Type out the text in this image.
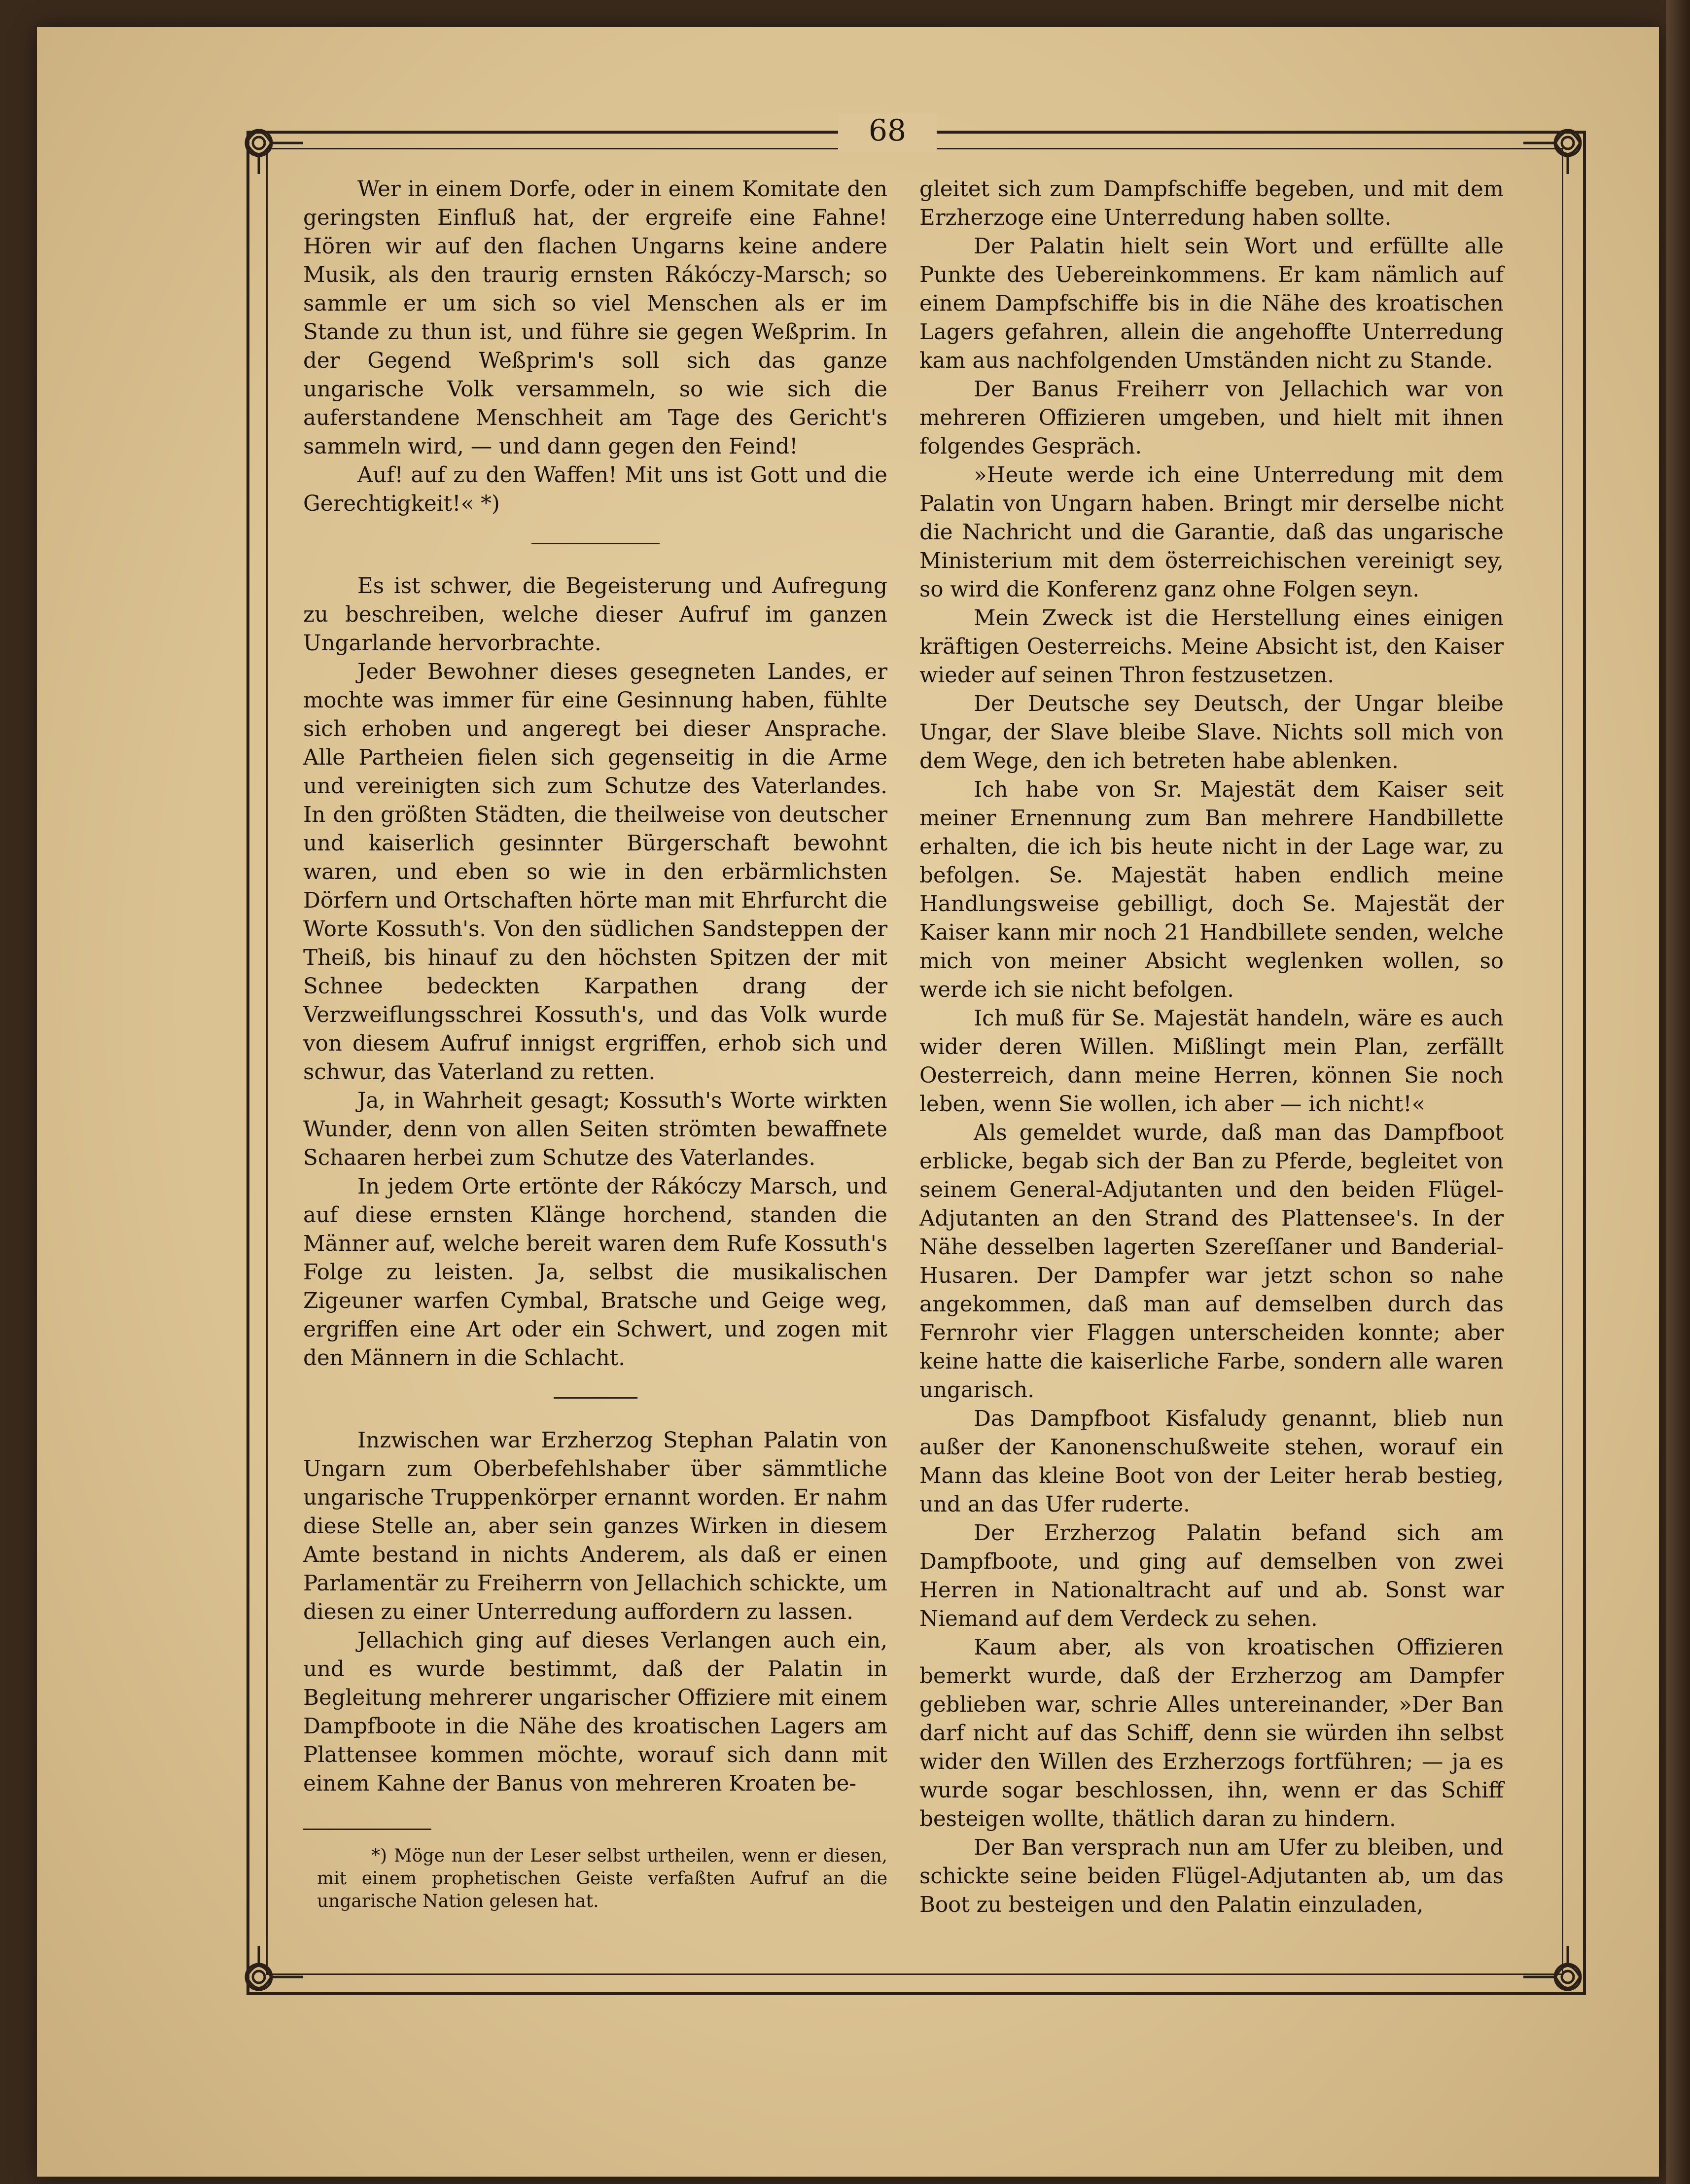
68

Wer in einem Dorfe, oder in einem Komitate den geringsten Einfluß hat, der ergreife eine Fahne! Hören wir auf den flachen Ungarns keine andere Musik, als den traurig ernsten Rákóczy-Marsch; so sammle er um sich so viel Menschen als er im Stande zu thun ist, und führe sie gegen Weßprim. In der Gegend Weßprim's soll sich das ganze ungarische Volk versammeln, so wie sich die auferstandene Menschheit am Tage des Gericht's sammeln wird, — und dann gegen den Feind!

Auf! auf zu den Waffen! Mit uns ist Gott und die Gerechtigkeit!« *)

Es ist schwer, die Begeisterung und Aufregung zu beschreiben, welche dieser Aufruf im ganzen Ungarlande hervorbrachte.

Jeder Bewohner dieses gesegneten Landes, er mochte was immer für eine Gesinnung haben, fühlte sich erhoben und angeregt bei dieser Ansprache. Alle Partheien fielen sich gegenseitig in die Arme und vereinigten sich zum Schutze des Vaterlandes. In den größten Städten, die theilweise von deutscher und kaiserlich gesinnter Bürgerschaft bewohnt waren, und eben so wie in den erbärmlichsten Dörfern und Ortschaften hörte man mit Ehrfurcht die Worte Kossuth's. Von den südlichen Sandsteppen der Theiß, bis hinauf zu den höchsten Spitzen der mit Schnee bedeckten Karpathen drang der Verzweiflungsschrei Kossuth's, und das Volk wurde von diesem Aufruf innigst ergriffen, erhob sich und schwur, das Vaterland zu retten.

Ja, in Wahrheit gesagt; Kossuth's Worte wirkten Wunder, denn von allen Seiten strömten bewaffnete Schaaren herbei zum Schutze des Vaterlandes.

In jedem Orte ertönte der Rákóczy Marsch, und auf diese ernsten Klänge horchend, standen die Männer auf, welche bereit waren dem Rufe Kossuth's Folge zu leisten. Ja, selbst die musikalischen Zigeuner warfen Cymbal, Bratsche und Geige weg, ergriffen eine Art oder ein Schwert, und zogen mit den Männern in die Schlacht.

Inzwischen war Erzherzog Stephan Palatin von Ungarn zum Oberbefehlshaber über sämmtliche ungarische Truppenkörper ernannt worden. Er nahm diese Stelle an, aber sein ganzes Wirken in diesem Amte bestand in nichts Anderem, als daß er einen Parlamentär zu Freiherrn von Jellachich schickte, um diesen zu einer Unterredung auffordern zu lassen.

Jellachich ging auf dieses Verlangen auch ein, und es wurde bestimmt, daß der Palatin in Begleitung mehrerer ungarischer Offiziere mit einem Dampfboote in die Nähe des kroatischen Lagers am Plattensee kommen möchte, worauf sich dann mit einem Kahne der Banus von mehreren Kroaten be-

*) Möge nun der Leser selbst urtheilen, wenn er diesen, mit einem prophetischen Geiste verfaßten Aufruf an die ungarische Nation gelesen hat.

gleitet sich zum Dampfschiffe begeben, und mit dem Erzherzoge eine Unterredung haben sollte.

Der Palatin hielt sein Wort und erfüllte alle Punkte des Uebereinkommens. Er kam nämlich auf einem Dampfschiffe bis in die Nähe des kroatischen Lagers gefahren, allein die angehoffte Unterredung kam aus nachfolgenden Umständen nicht zu Stande.

Der Banus Freiherr von Jellachich war von mehreren Offizieren umgeben, und hielt mit ihnen folgendes Gespräch.

»Heute werde ich eine Unterredung mit dem Palatin von Ungarn haben. Bringt mir derselbe nicht die Nachricht und die Garantie, daß das ungarische Ministerium mit dem österreichischen vereinigt sey, so wird die Konferenz ganz ohne Folgen seyn.

Mein Zweck ist die Herstellung eines einigen kräftigen Oesterreichs. Meine Absicht ist, den Kaiser wieder auf seinen Thron festzusetzen.

Der Deutsche sey Deutsch, der Ungar bleibe Ungar, der Slave bleibe Slave. Nichts soll mich von dem Wege, den ich betreten habe ablenken.

Ich habe von Sr. Majestät dem Kaiser seit meiner Ernennung zum Ban mehrere Handbillette erhalten, die ich bis heute nicht in der Lage war, zu befolgen. Se. Majestät haben endlich meine Handlungsweise gebilligt, doch Se. Majestät der Kaiser kann mir noch 21 Handbillete senden, welche mich von meiner Absicht weglenken wollen, so werde ich sie nicht befolgen.

Ich muß für Se. Majestät handeln, wäre es auch wider deren Willen. Mißlingt mein Plan, zerfällt Oesterreich, dann meine Herren, können Sie noch leben, wenn Sie wollen, ich aber — ich nicht!«

Als gemeldet wurde, daß man das Dampfboot erblicke, begab sich der Ban zu Pferde, begleitet von seinem General-Adjutanten und den beiden Flügel-Adjutanten an den Strand des Plattensee's. In der Nähe desselben lagerten Szereſſaner und Banderial-Husaren. Der Dampfer war jetzt schon so nahe angekommen, daß man auf demselben durch das Fernrohr vier Flaggen unterscheiden konnte; aber keine hatte die kaiserliche Farbe, sondern alle waren ungarisch.

Das Dampfboot Kisfaludy genannt, blieb nun außer der Kanonenschußweite stehen, worauf ein Mann das kleine Boot von der Leiter herab bestieg, und an das Ufer ruderte.

Der Erzherzog Palatin befand sich am Dampfboote, und ging auf demselben von zwei Herren in Nationaltracht auf und ab. Sonst war Niemand auf dem Verdeck zu sehen.

Kaum aber, als von kroatischen Offizieren bemerkt wurde, daß der Erzherzog am Dampfer geblieben war, schrie Alles untereinander, »Der Ban darf nicht auf das Schiff, denn sie würden ihn selbst wider den Willen des Erzherzogs fortführen; — ja es wurde sogar beschlossen, ihn, wenn er das Schiff besteigen wollte, thätlich daran zu hindern.

Der Ban versprach nun am Ufer zu bleiben, und schickte seine beiden Flügel-Adjutanten ab, um das Boot zu besteigen und den Palatin einzuladen,
